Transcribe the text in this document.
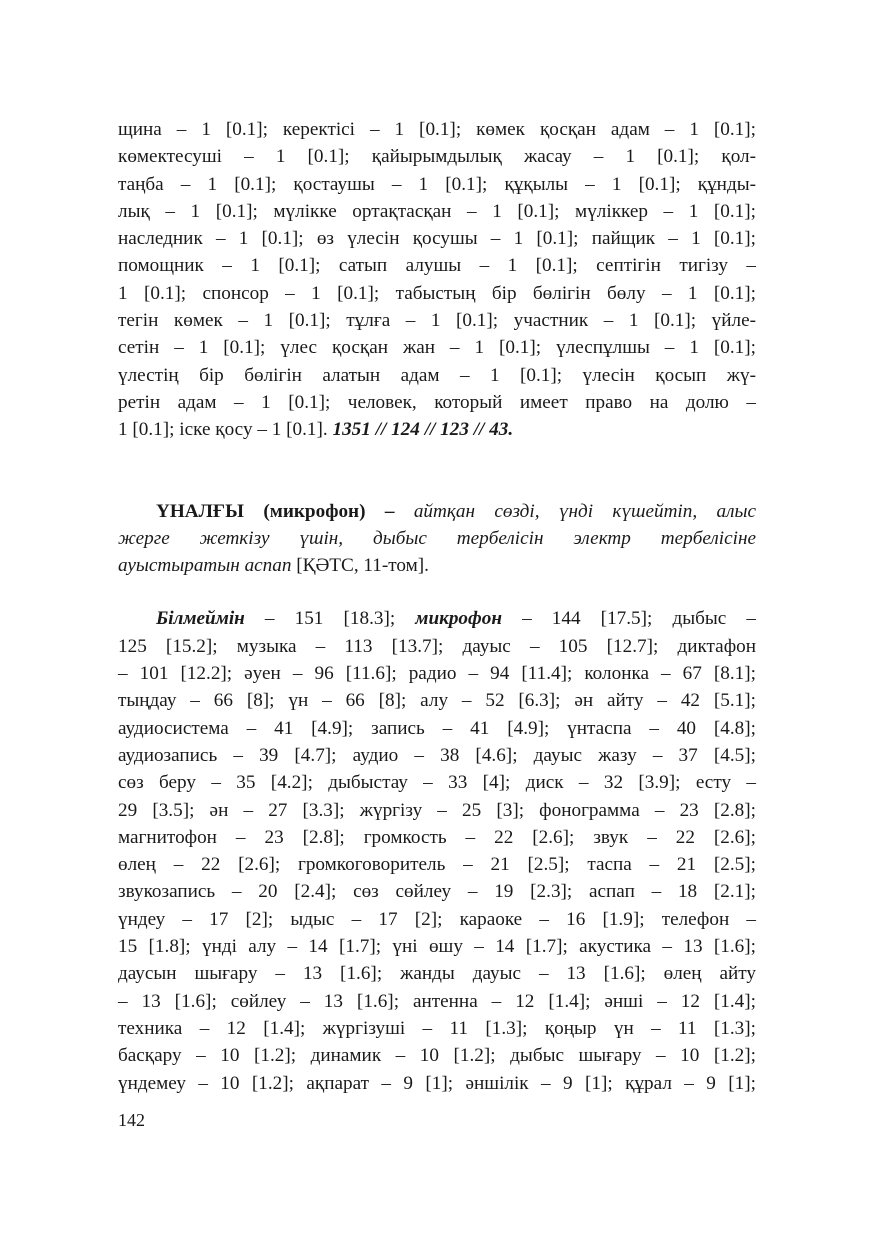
щина – 1 [0.1]; керектісі – 1 [0.1]; көмек қосқан адам – 1 [0.1];
көмектесуші – 1 [0.1]; қайырымдылық жасау – 1 [0.1]; қол-
таңба – 1 [0.1]; қостаушы – 1 [0.1]; құқылы – 1 [0.1]; құнды-
лық – 1 [0.1]; мүлікке ортақтасқан – 1 [0.1]; мүліккер – 1 [0.1];
наследник – 1 [0.1]; өз үлесін қосушы – 1 [0.1]; пайщик – 1 [0.1];
помощник – 1 [0.1]; сатып алушы – 1 [0.1]; септігін тигізу –
1 [0.1]; спонсор – 1 [0.1]; табыстың бір бөлігін бөлу – 1 [0.1];
тегін көмек – 1 [0.1]; тұлға – 1 [0.1]; участник – 1 [0.1]; үйле-
сетін – 1 [0.1]; үлес қосқан жан – 1 [0.1]; үлеспұлшы – 1 [0.1];
үлестің бір бөлігін алатын адам – 1 [0.1]; үлесін қосып жү-
ретін адам – 1 [0.1]; человек, который имеет право на долю –
1 [0.1]; іске қосу – 1 [0.1]. 1351 // 124 // 123 // 43.
ҮНАЛҒЫ (микрофон) – айтқан сөзді, үнді күшейтіп, алыс
жерге жеткізу үшін, дыбыс тербелісін электр тербелісіне
ауыстыратын аспап [ҚӘТС, 11-том].
Білмеймін – 151 [18.3]; микрофон – 144 [17.5]; дыбыс –
125 [15.2]; музыка – 113 [13.7]; дауыс – 105 [12.7]; диктафон
– 101 [12.2]; әуен – 96 [11.6]; радио – 94 [11.4]; колонка – 67 [8.1];
тыңдау – 66 [8]; үн – 66 [8]; алу – 52 [6.3]; ән айту – 42 [5.1];
аудиосистема – 41 [4.9]; запись – 41 [4.9]; үнтаспа – 40 [4.8];
аудиозапись – 39 [4.7]; аудио – 38 [4.6]; дауыс жазу – 37 [4.5];
сөз беру – 35 [4.2]; дыбыстау – 33 [4]; диск – 32 [3.9]; есту –
29 [3.5]; ән – 27 [3.3]; жүргізу – 25 [3]; фонограмма – 23 [2.8];
магнитофон – 23 [2.8]; громкость – 22 [2.6]; звук – 22 [2.6];
өлең – 22 [2.6]; громкоговоритель – 21 [2.5]; таспа – 21 [2.5];
звукозапись – 20 [2.4]; сөз сөйлеу – 19 [2.3]; аспап – 18 [2.1];
үндеу – 17 [2]; ыдыс – 17 [2]; караоке – 16 [1.9]; телефон –
15 [1.8]; үнді алу – 14 [1.7]; үні өшу – 14 [1.7]; акустика – 13 [1.6];
даусын шығару – 13 [1.6]; жанды дауыс – 13 [1.6]; өлең айту
– 13 [1.6]; сөйлеу – 13 [1.6]; антенна – 12 [1.4]; әнші – 12 [1.4];
техника – 12 [1.4]; жүргізуші – 11 [1.3]; қоңыр үн – 11 [1.3];
басқару – 10 [1.2]; динамик – 10 [1.2]; дыбыс шығару – 10 [1.2];
үндемеу – 10 [1.2]; ақпарат – 9 [1]; әншілік – 9 [1]; құрал – 9 [1];
142
